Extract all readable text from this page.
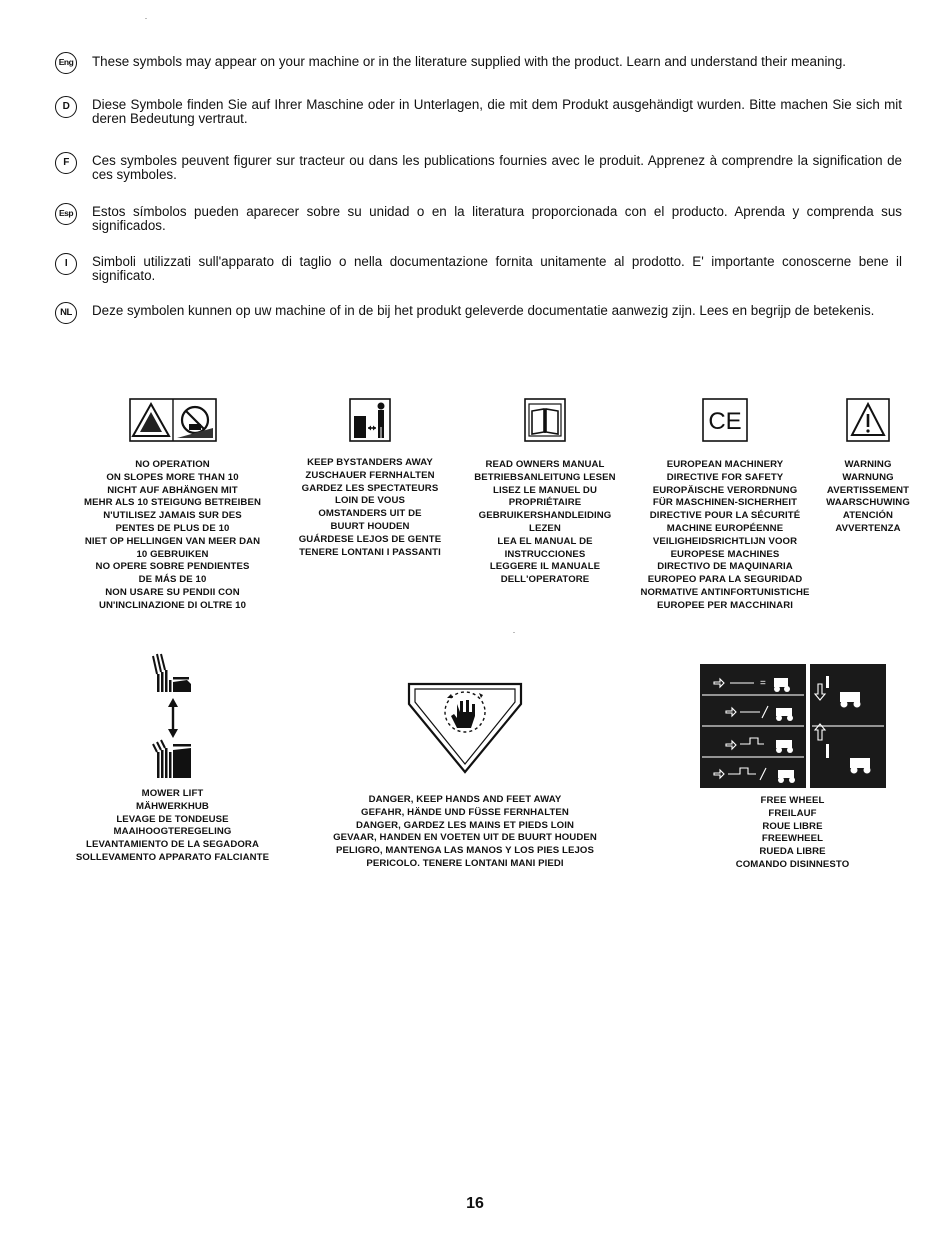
Eng These symbols may appear on your machine or in the literature supplied with the product. Learn and understand their meaning.
D	Diese Symbole finden Sie auf Ihrer Maschine oder in Unterlagen, die mit dem Produkt ausgehändigt wurden. Bitte machen Sie sich mit deren Bedeutung vertraut.
F	Ces symboles peuvent figurer sur tracteur ou dans les publications fournies avec le produit. Apprenez à comprendre la signification de ces symboles.
Esp Estos símbolos pueden aparecer sobre su unidad o en la literatura proporcionada con el producto. Aprenda y comprenda sus significados.
I	Simboli utilizzati sull'apparato di taglio o nella documentazione fornita unitamente al prodotto. E' importante conoscerne bene il significato.
NL	Deze symbolen kunnen op uw machine of in de bij het produkt geleverde documentatie aanwezig zijn. Lees en begrijp de betekenis.
NO OPERATION
ON SLOPES MORE THAN 10
NICHT AUF ABHÄNGEN MIT
MEHR ALS 10 STEIGUNG BETREIBEN
N'UTILISEZ JAMAIS SUR DES
PENTES DE PLUS DE 10
NIET OP HELLINGEN VAN MEER DAN
10 GEBRUIKEN
NO OPERE SOBRE PENDIENTES
DE MÁS DE 10
NON USARE SU PENDII CON
UN'INCLINAZIONE DI OLTRE 10
KEEP BYSTANDERS AWAY
ZUSCHAUER FERNHALTEN
GARDEZ LES SPECTATEURS
LOIN DE VOUS
OMSTANDERS UIT DE
BUURT HOUDEN
GUÁRDESE LEJOS DE GENTE
TENERE LONTANI I PASSANTI
READ OWNERS MANUAL
BETRIEBSANLEITUNG LESEN
LISEZ LE MANUEL DU
PROPRIÉTAIRE
GEBRUIKERSHANDLEIDING
LEZEN
LEA EL MANUAL DE
INSTRUCCIONES
LEGGERE IL MANUALE
DELL'OPERATORE
CE
EUROPEAN MACHINERY
DIRECTIVE FOR SAFETY
EUROPÄISCHE VERORDNUNG
FÜR MASCHINEN-SICHERHEIT
DIRECTIVE POUR LA SÉCURITÉ
MACHINE EUROPÉENNE
VEILIGHEIDSRICHTLIJN VOOR
EUROPESE MACHINES
DIRECTIVO DE MAQUINARIA
EUROPEO PARA LA SEGURIDAD
NORMATIVE ANTINFORTUNISTICHE
EUROPEE PER MACCHINARI
WARNING
WARNUNG
AVERTISSEMENT
WAARSCHUWING
ATENCIÓN
AVVERTENZA
MOWER LIFT
MÄHWERKHUB
LEVAGE DE TONDEUSE
MAAIHOOGTEREGELING
LEVANTAMIENTO DE LA SEGADORA
SOLLEVAMENTO APPARATO FALCIANTE
DANGER, KEEP HANDS AND FEET AWAY
GEFAHR, HÄNDE UND FÜSSE FERNHALTEN
DANGER, GARDEZ LES MAINS ET PIEDS LOIN
GEVAAR, HANDEN EN VOETEN UIT DE BUURT HOUDEN
PELIGRO, MANTENGA LAS MANOS Y LOS PIES LEJOS
PERICOLO. TENERE LONTANI MANI PIEDI
=
FREE WHEEL
FREILAUF
ROUE LIBRE
FREEWHEEL
RUEDA LIBRE
COMANDO DISINNESTO
16
